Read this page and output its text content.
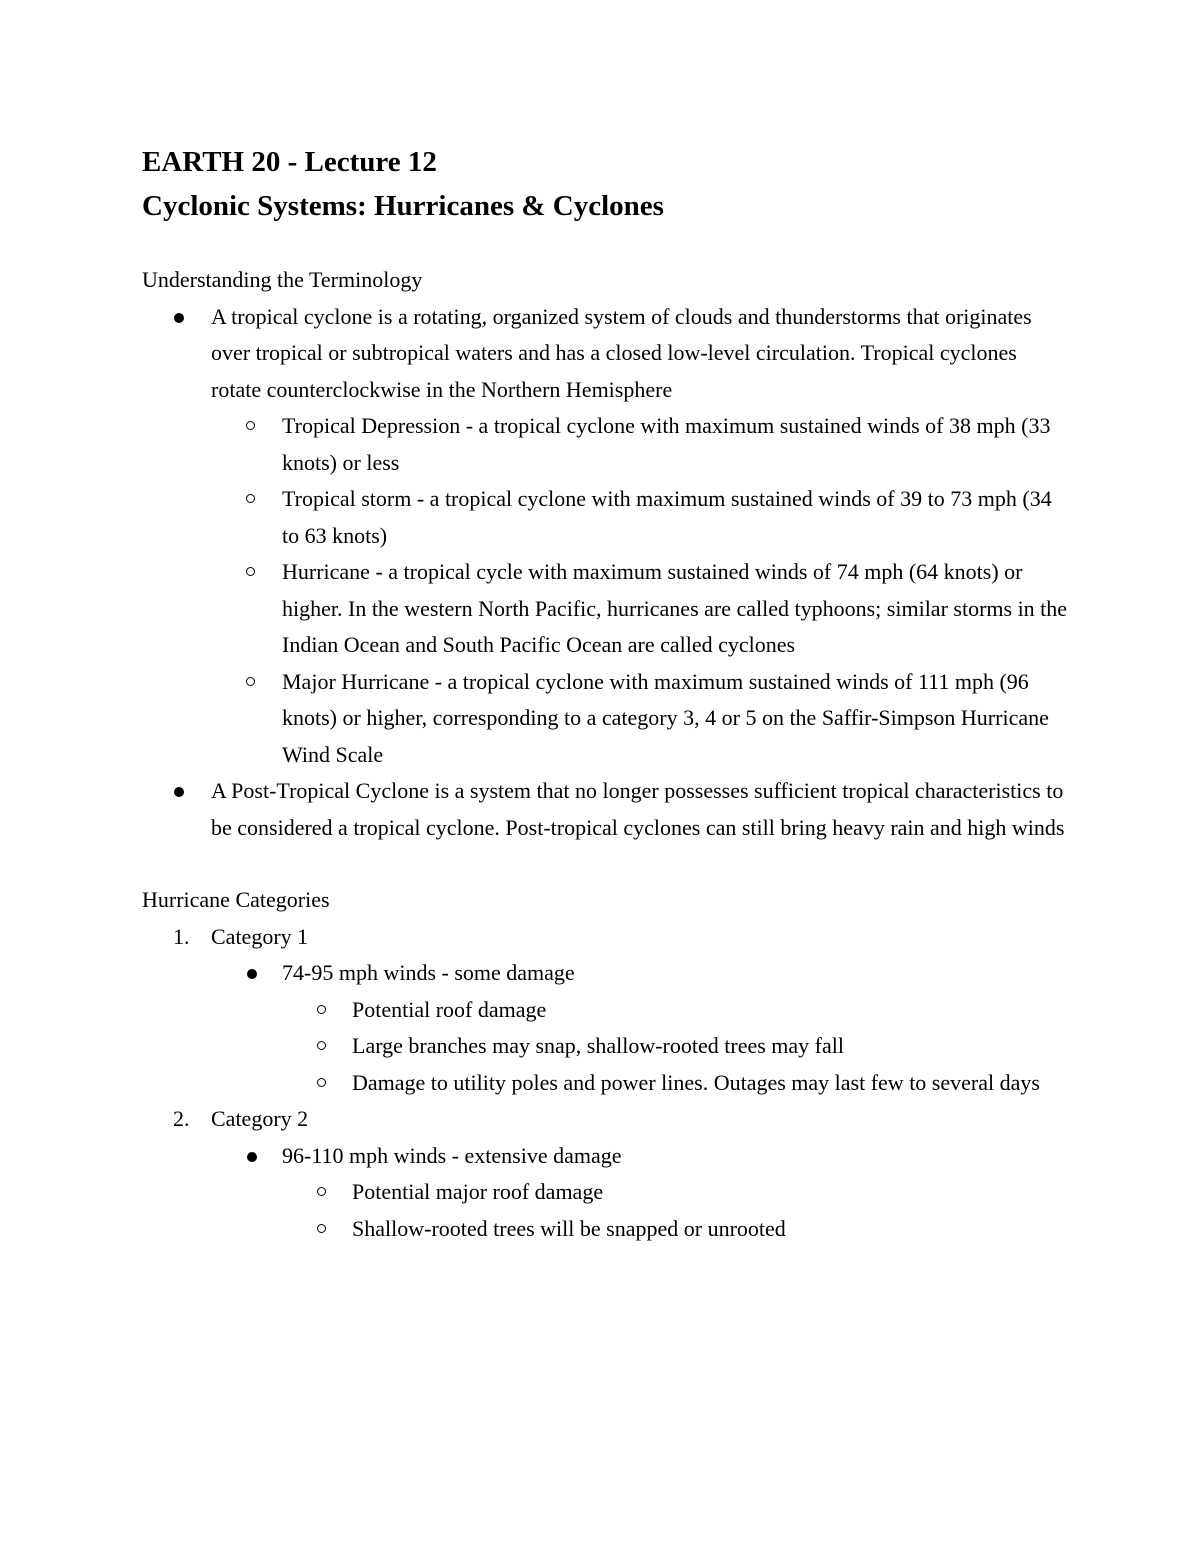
EARTH 20 - Lecture 12
Cyclonic Systems: Hurricanes & Cyclones
Understanding the Terminology
A tropical cyclone is a rotating, organized system of clouds and thunderstorms that originates over tropical or subtropical waters and has a closed low-level circulation. Tropical cyclones rotate counterclockwise in the Northern Hemisphere
Tropical Depression - a tropical cyclone with maximum sustained winds of 38 mph (33 knots) or less
Tropical storm - a tropical cyclone with maximum sustained winds of 39 to 73 mph (34 to 63 knots)
Hurricane - a tropical cycle with maximum sustained winds of 74 mph (64 knots) or higher. In the western North Pacific, hurricanes are called typhoons; similar storms in the Indian Ocean and South Pacific Ocean are called cyclones
Major Hurricane - a tropical cyclone with maximum sustained winds of 111 mph (96 knots) or higher, corresponding to a category 3, 4 or 5 on the Saffir-Simpson Hurricane Wind Scale
A Post-Tropical Cyclone is a system that no longer possesses sufficient tropical characteristics to be considered a tropical cyclone. Post-tropical cyclones can still bring heavy rain and high winds
Hurricane Categories
1. Category 1
74-95 mph winds - some damage
Potential roof damage
Large branches may snap, shallow-rooted trees may fall
Damage to utility poles and power lines. Outages may last few to several days
2. Category 2
96-110 mph winds - extensive damage
Potential major roof damage
Shallow-rooted trees will be snapped or unrooted
